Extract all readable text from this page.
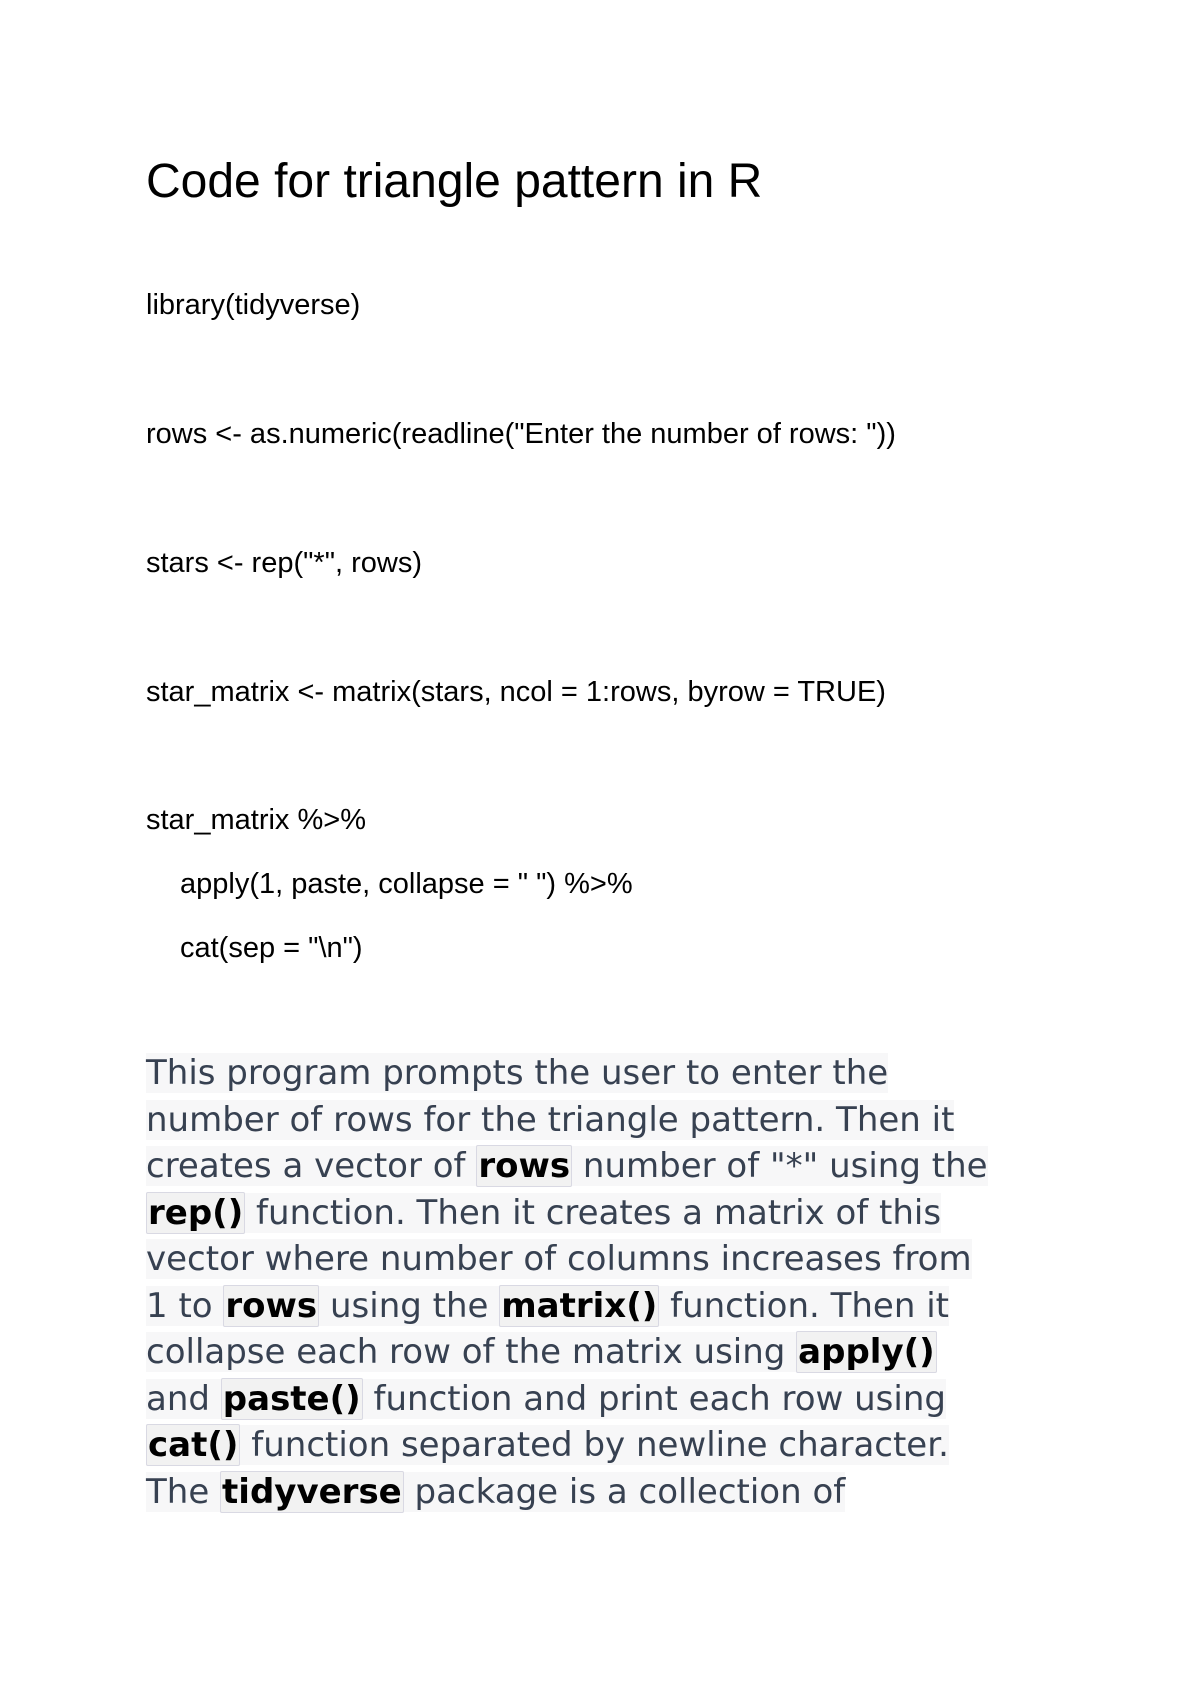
Code for triangle pattern in R
library(tidyverse)
rows <- as.numeric(readline("Enter the number of rows: "))
stars <- rep("*", rows)
star_matrix <- matrix(stars, ncol = 1:rows, byrow = TRUE)
star_matrix %>%
apply(1, paste, collapse = " ") %>%
cat(sep = "\n")
This program prompts the user to enter the
number of rows for the triangle pattern. Then it
creates a vector of rows number of "*" using the
rep() function. Then it creates a matrix of this
vector where number of columns increases from
1 to rows using the matrix() function. Then it
collapse each row of the matrix using apply()
and paste() function and print each row using
cat() function separated by newline character.
The tidyverse package is a collection of
